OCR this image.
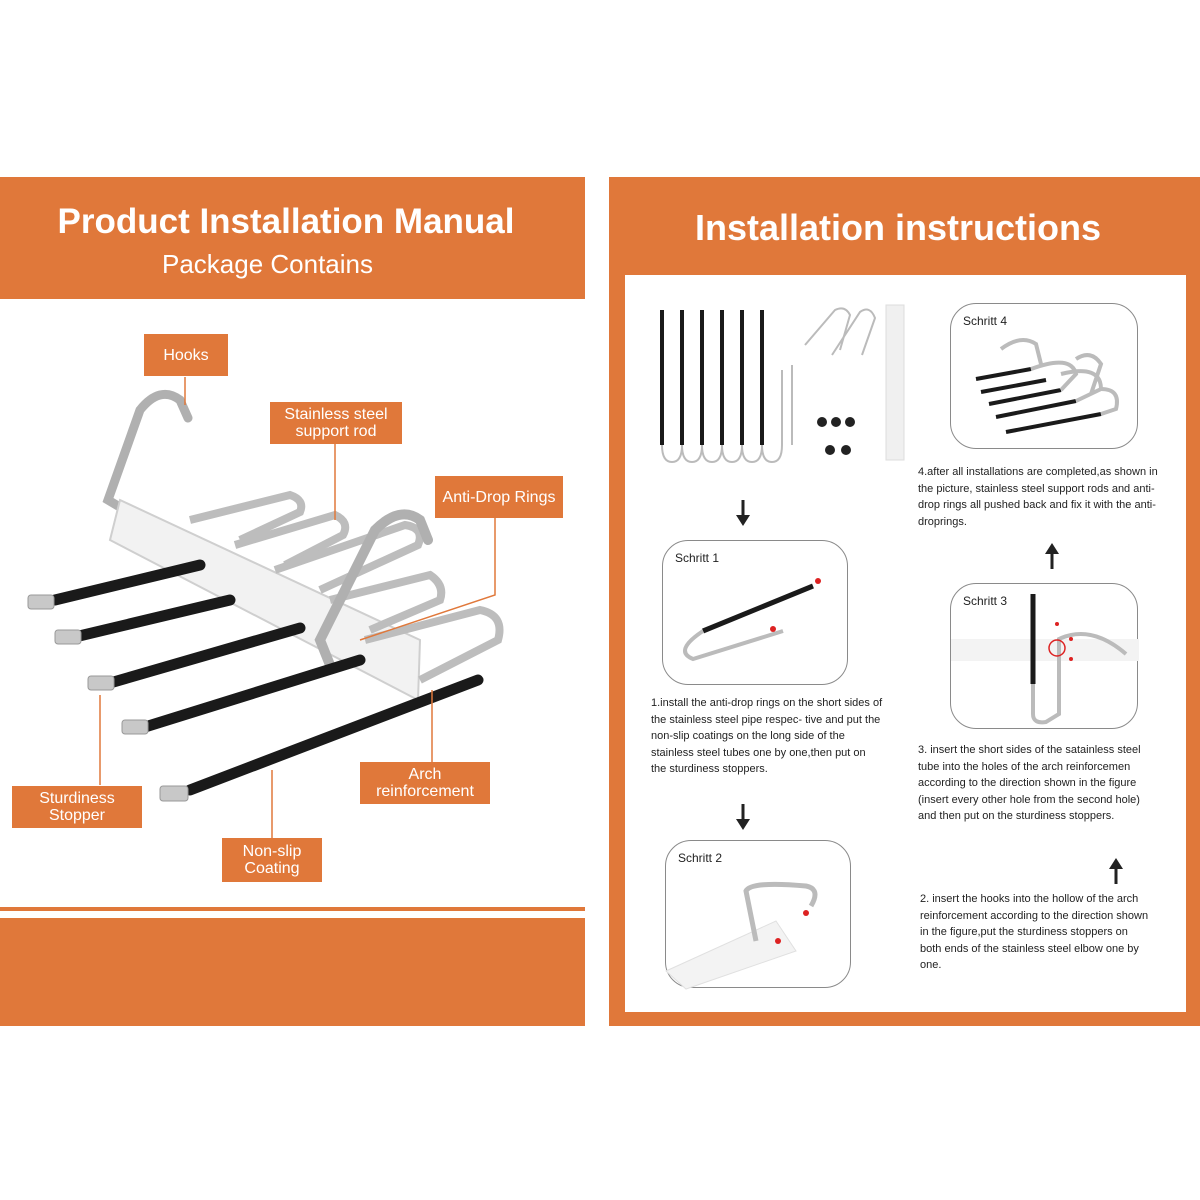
Product Installation Manual
Package Contains
Hooks
Stainless steel support rod
Anti-Drop Rings
Sturdiness Stopper
Arch reinforcement
Non-slip Coating
Installation instructions
Schritt 1
1.install the anti-drop rings on the short sides of the stainless steel pipe respec- tive and put the non-slip coatings on the long side of the stainless steel tubes one by one,then put on the sturdiness stoppers.
Schritt 2
Schritt 3
3. insert the short sides of the satainless steel tube into the holes of the arch reinforcemen according to the direction shown in the figure (insert every other hole from the second hole) and then put on the sturdiness stoppers.
Schritt 4
4.after all installations are completed,as shown in the picture, stainless steel support rods and anti-drop rings all pushed back and fix it with the anti-droprings.
2. insert the hooks into the hollow of the arch reinforcement according to the direction shown in the figure,put the sturdiness stoppers on both ends of the stainless steel elbow one by one.
